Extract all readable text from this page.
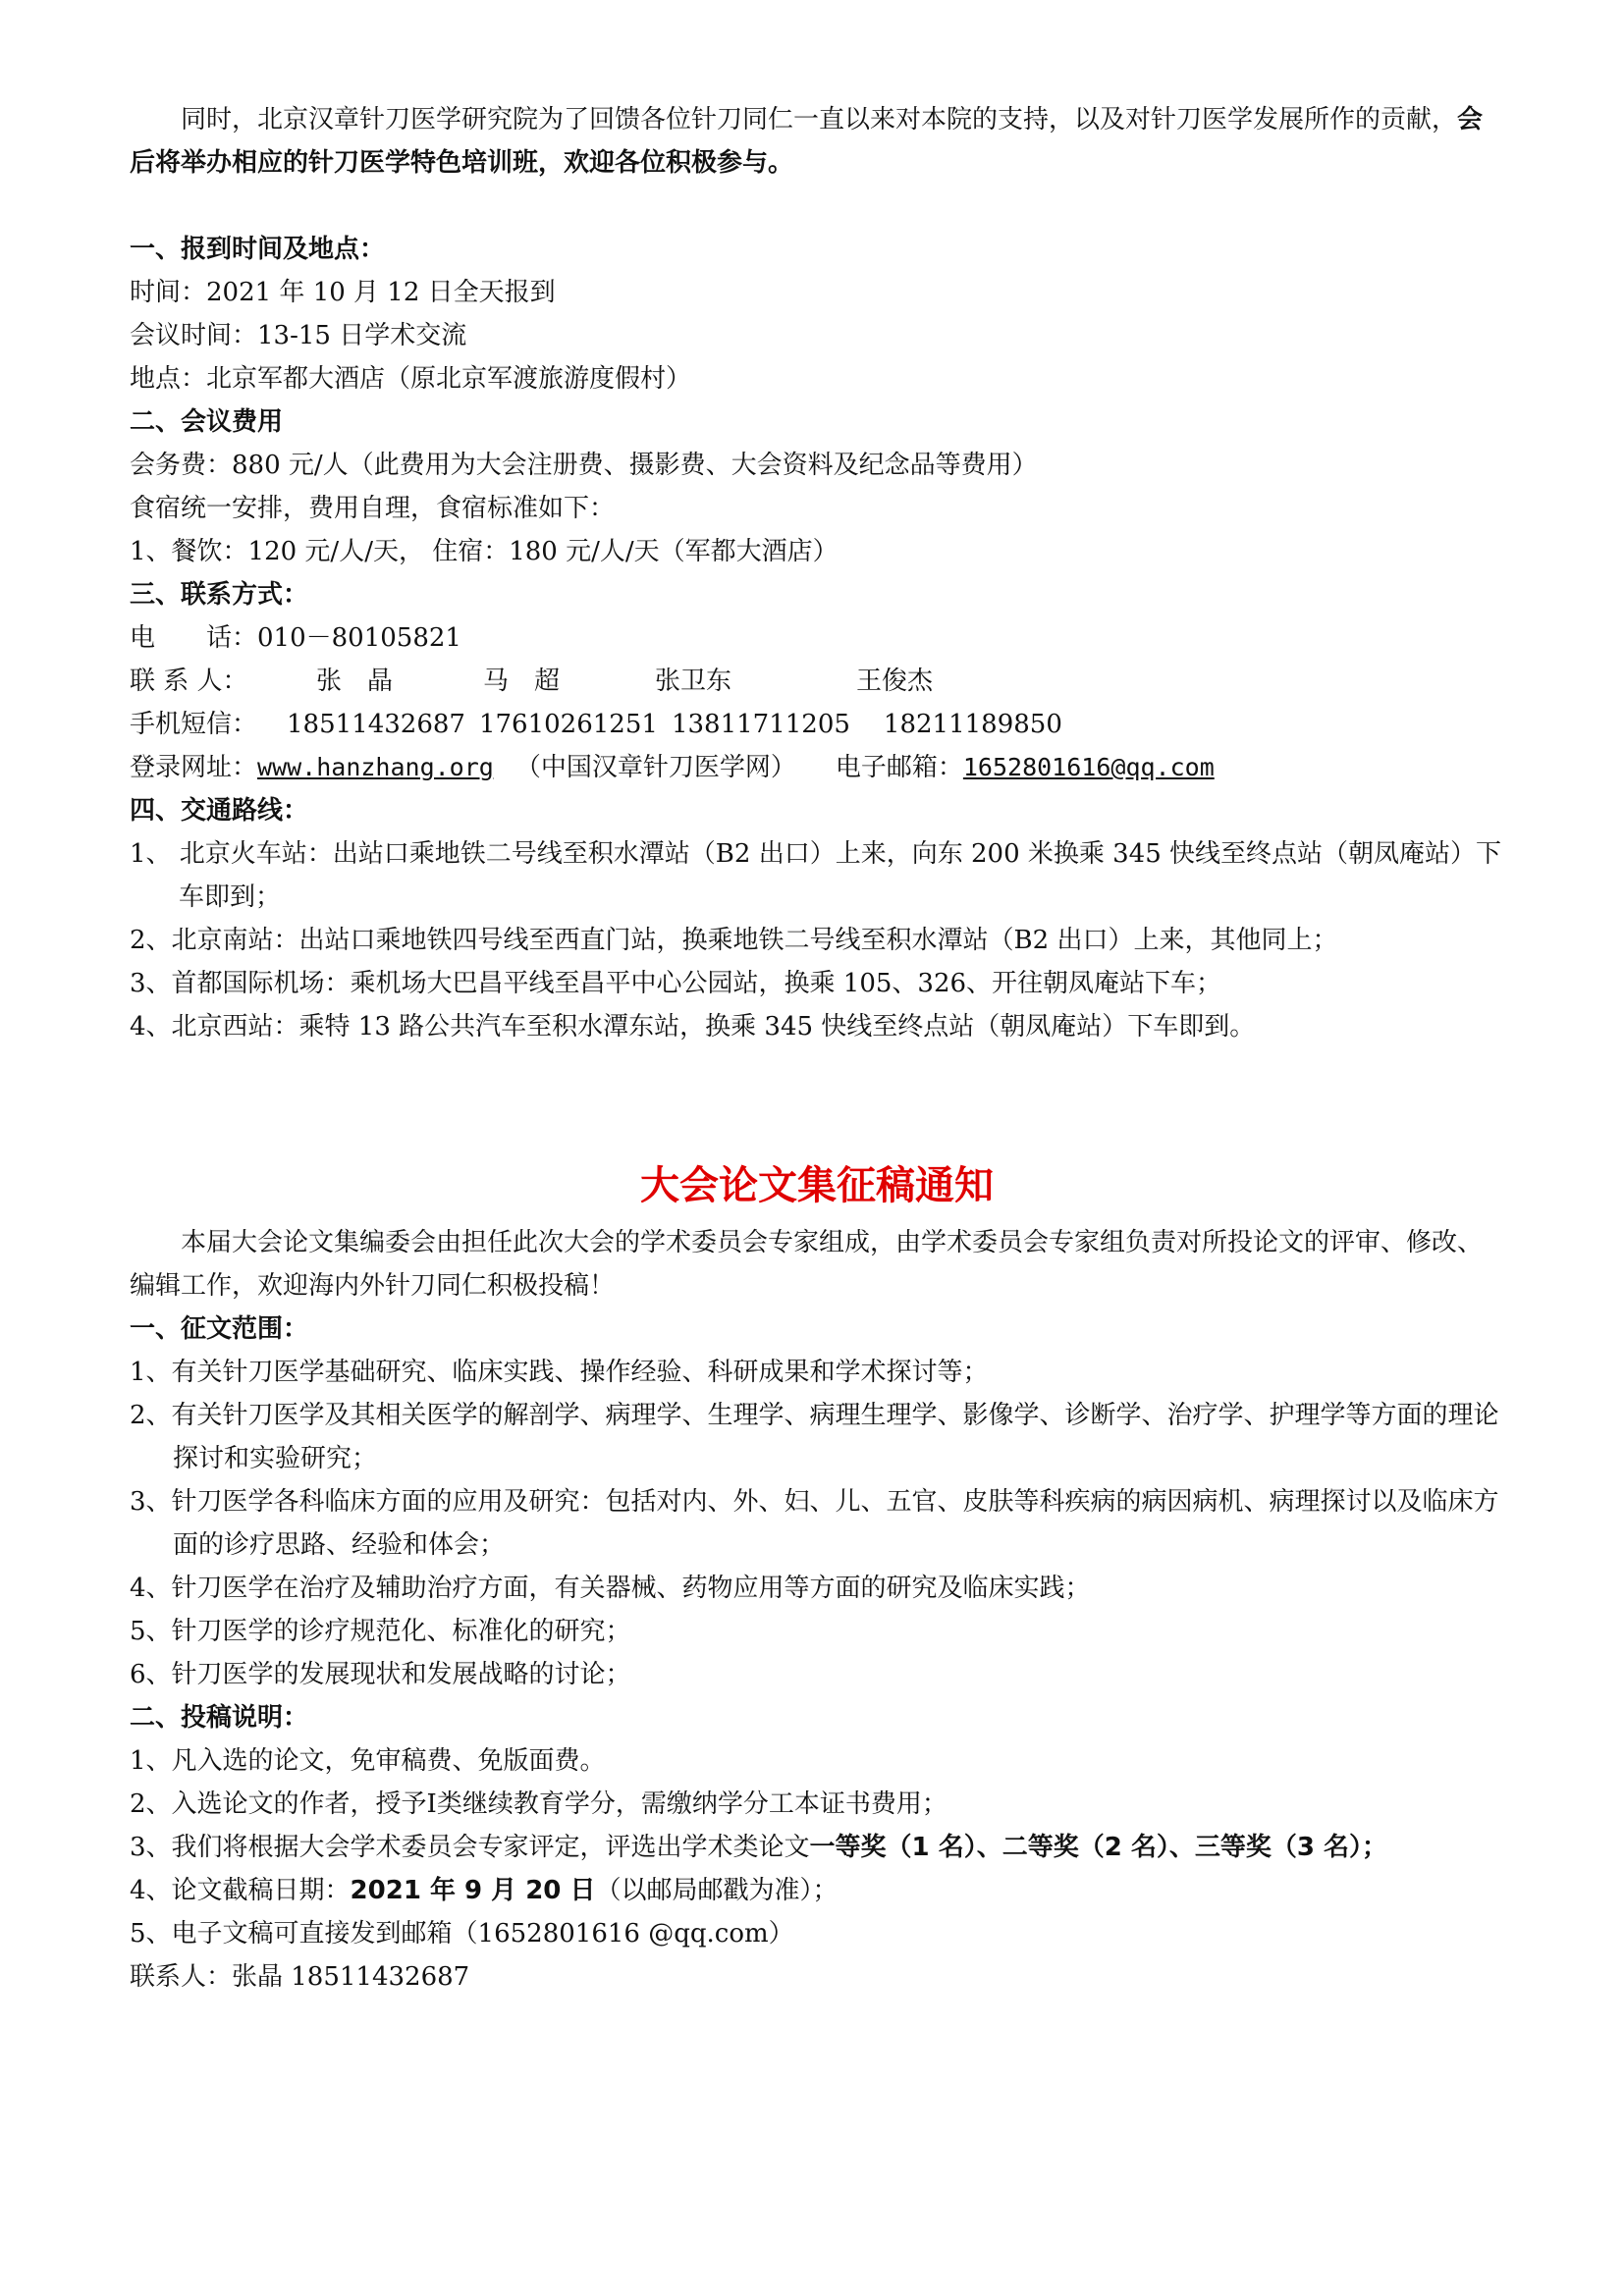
同时，北京汉章针刀医学研究院为了回馈各位针刀同仁一直以来对本院的支持，以及对针刀医学发展所作的贡献，会后将举办相应的针刀医学特色培训班，欢迎各位积极参与。
一、报到时间及地点：
时间：2021 年 10 月 12 日全天报到
会议时间：13-15 日学术交流
地点：北京军都大酒店（原北京军渡旅游度假村）
二、会议费用
会务费：880 元/人（此费用为大会注册费、摄影费、大会资料及纪念品等费用）
食宿统一安排，费用自理，食宿标准如下：
1、餐饮：120 元/人/天， 住宿：180 元/人/天（军都大酒店）
三、联系方式：
电　　话：010－80105821
联 系 人：	张　晶	马　超	张卫东	王俊杰
手机短信： 18511432687 17610261251 13811711205 18211189850
登录网址：www.hanzhang.org （中国汉章针刀医学网） 电子邮箱：1652801616@qq.com
四、交通路线：
1、 北京火车站：出站口乘地铁二号线至积水潭站（B2 出口）上来，向东 200 米换乘 345 快线至终点站（朝凤庵站）下车即到；
2、北京南站：出站口乘地铁四号线至西直门站，换乘地铁二号线至积水潭站（B2 出口）上来，其他同上；
3、首都国际机场：乘机场大巴昌平线至昌平中心公园站，换乘 105、326、开往朝凤庵站下车；
4、北京西站：乘特 13 路公共汽车至积水潭东站，换乘 345 快线至终点站（朝凤庵站）下车即到。
大会论文集征稿通知
本届大会论文集编委会由担任此次大会的学术委员会专家组成，由学术委员会专家组负责对所投论文的评审、修改、编辑工作，欢迎海内外针刀同仁积极投稿！
一、征文范围：
1、有关针刀医学基础研究、临床实践、操作经验、科研成果和学术探讨等；
2、有关针刀医学及其相关医学的解剖学、病理学、生理学、病理生理学、影像学、诊断学、治疗学、护理学等方面的理论探讨和实验研究；
3、针刀医学各科临床方面的应用及研究：包括对内、外、妇、儿、五官、皮肤等科疾病的病因病机、病理探讨以及临床方面的诊疗思路、经验和体会；
4、针刀医学在治疗及辅助治疗方面，有关器械、药物应用等方面的研究及临床实践；
5、针刀医学的诊疗规范化、标准化的研究；
6、针刀医学的发展现状和发展战略的讨论；
二、投稿说明：
1、凡入选的论文，免审稿费、免版面费。
2、入选论文的作者，授予Ⅰ类继续教育学分，需缴纳学分工本证书费用；
3、我们将根据大会学术委员会专家评定，评选出学术类论文一等奖（1 名）、二等奖（2 名）、三等奖（3 名）；
4、论文截稿日期：2021 年 9 月 20 日（以邮局邮戳为准）；
5、电子文稿可直接发到邮箱（1652801616 @qq.com）
联系人：张晶 18511432687
